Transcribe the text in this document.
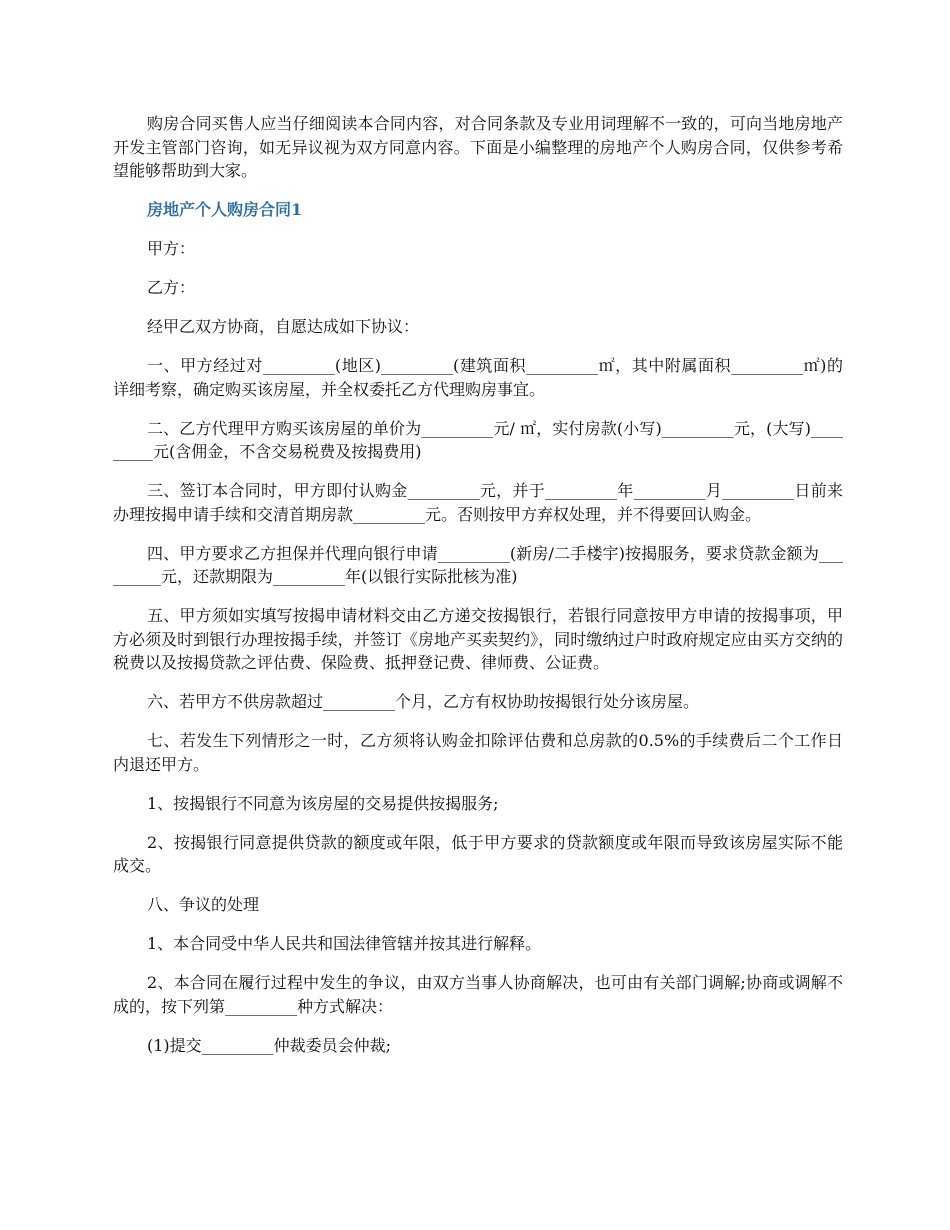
购房合同买售人应当仔细阅读本合同内容，对合同条款及专业用词理解不一致的，可向当地房地产开发主管部门咨询，如无异议视为双方同意内容。下面是小编整理的房地产个人购房合同，仅供参考希望能够帮助到大家。

房地产个人购房合同1

甲方：

乙方：

经甲乙双方协商，自愿达成如下协议：

一、甲方经过对_________(地区)_________(建筑面积_________㎡，其中附属面积_________㎡)的详细考察，确定购买该房屋，并全权委托乙方代理购房事宜。

二、乙方代理甲方购买该房屋的单价为_________元/ ㎡，实付房款(小写)_________元，(大写)_________元(含佣金，不含交易税费及按揭费用)

三、签订本合同时，甲方即付认购金_________元，并于_________年_________月_________日前来办理按揭申请手续和交清首期房款_________元。否则按甲方弃权处理，并不得要回认购金。

四、甲方要求乙方担保并代理向银行申请_________(新房/二手楼宇)按揭服务，要求贷款金额为_________元，还款期限为_________年(以银行实际批核为准)

五、甲方须如实填写按揭申请材料交由乙方递交按揭银行，若银行同意按甲方申请的按揭事项，甲方必须及时到银行办理按揭手续，并签订《房地产买卖契约》，同时缴纳过户时政府规定应由买方交纳的税费以及按揭贷款之评估费、保险费、抵押登记费、律师费、公证费。

六、若甲方不供房款超过_________个月，乙方有权协助按揭银行处分该房屋。

七、若发生下列情形之一时，乙方须将认购金扣除评估费和总房款的0.5%的手续费后二个工作日内退还甲方。

1、按揭银行不同意为该房屋的交易提供按揭服务;

2、按揭银行同意提供贷款的额度或年限，低于甲方要求的贷款额度或年限而导致该房屋实际不能成交。

八、争议的处理

1、本合同受中华人民共和国法律管辖并按其进行解释。

2、本合同在履行过程中发生的争议，由双方当事人协商解决，也可由有关部门调解;协商或调解不成的，按下列第_________种方式解决：

(1)提交_________仲裁委员会仲裁;
